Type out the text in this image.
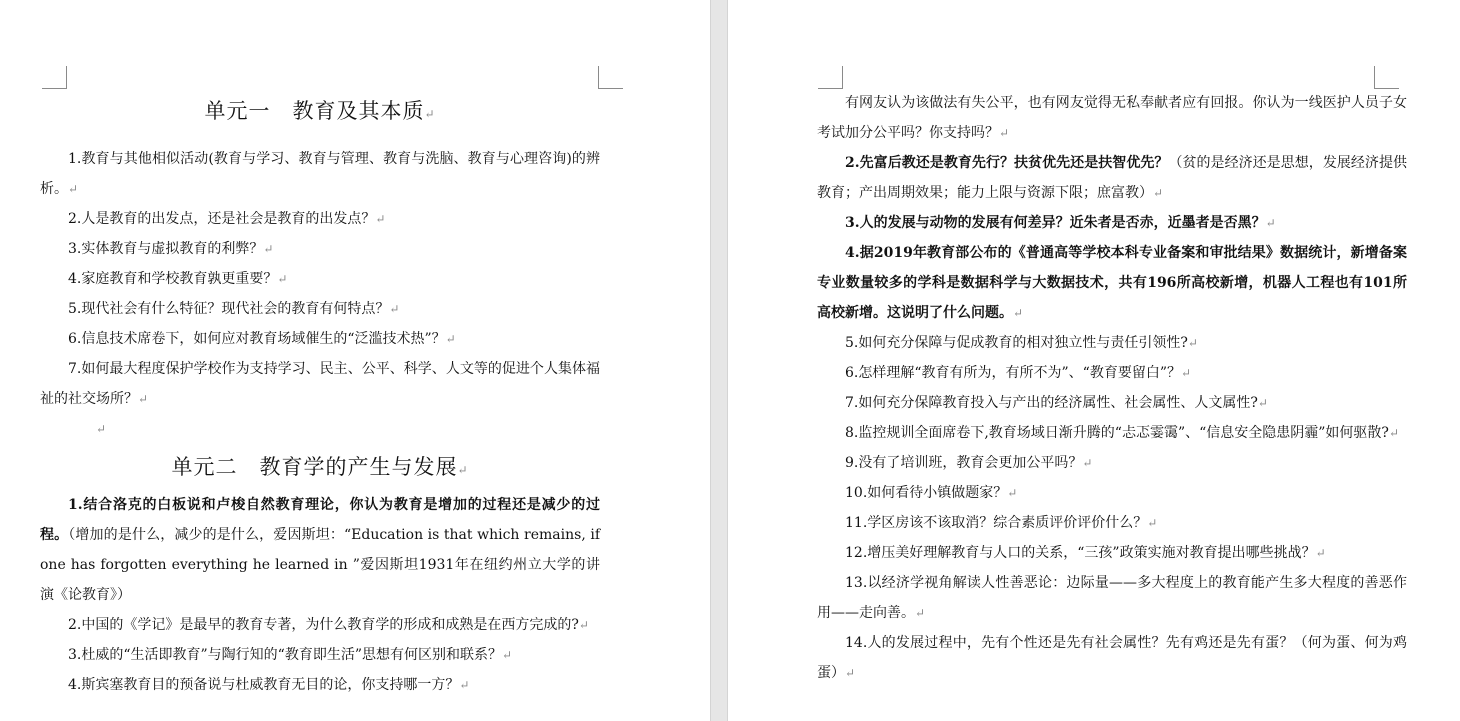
单元一　教育及其本质↵

1.教育与其他相似活动(教育与学习、教育与管理、教育与洗脑、教育与心理咨询)的辨析。↵

2.人是教育的出发点，还是社会是教育的出发点？↵

3.实体教育与虚拟教育的利弊？↵

4.家庭教育和学校教育孰更重要？↵

5.现代社会有什么特征？现代社会的教育有何特点？↵

6.信息技术席卷下，如何应对教育场域催生的“泛滥技术热”？↵

7.如何最大程度保护学校作为支持学习、民主、公平、科学、人文等的促进个人集体福祉的社交场所？↵

↵
单元二　教育学的产生与发展↵

1.结合洛克的白板说和卢梭自然教育理论，你认为教育是增加的过程还是减少的过程。（增加的是什么，减少的是什么，爱因斯坦：“Education is that which remains, if one has forgotten everything he learned in ”爱因斯坦1931年在纽约州立大学的讲演《论教育》）

2.中国的《学记》是最早的教育专著，为什么教育学的形成和成熟是在西方完成的?↵

3.杜威的“生活即教育”与陶行知的“教育即生活”思想有何区别和联系？↵

4.斯宾塞教育目的预备说与杜威教育无目的论，你支持哪一方？↵

有网友认为该做法有失公平，也有网友觉得无私奉献者应有回报。你认为一线医护人员子女考试加分公平吗？你支持吗？↵

2.先富后教还是教育先行？扶贫优先还是扶智优先？（贫的是经济还是思想，发展经济提供教育；产出周期效果；能力上限与资源下限；庶富教）↵

3.人的发展与动物的发展有何差异？近朱者是否赤，近墨者是否黑？↵

4.据2019年教育部公布的《普通高等学校本科专业备案和审批结果》数据统计，新增备案专业数量较多的学科是数据科学与大数据技术，共有196所高校新增，机器人工程也有101所高校新增。这说明了什么问题。↵

5.如何充分保障与促成教育的相对独立性与责任引领性?↵

6.怎样理解“教育有所为，有所不为”、“教育要留白”？↵

7.如何充分保障教育投入与产出的经济属性、社会属性、人文属性?↵

8.监控规训全面席卷下,教育场域日渐升腾的“忐忑霎霭”、“信息安全隐患阴霾”如何驱散?↵

9.没有了培训班，教育会更加公平吗？↵

10.如何看待小镇做题家？↵

11.学区房该不该取消？综合素质评价评价什么？↵

12.增压美好理解教育与人口的关系，“三孩”政策实施对教育提出哪些挑战？↵

13.以经济学视角解读人性善恶论：边际量——多大程度上的教育能产生多大程度的善恶作用——走向善。↵

14.人的发展过程中，先有个性还是先有社会属性？先有鸡还是先有蛋？（何为蛋、何为鸡蛋）↵
